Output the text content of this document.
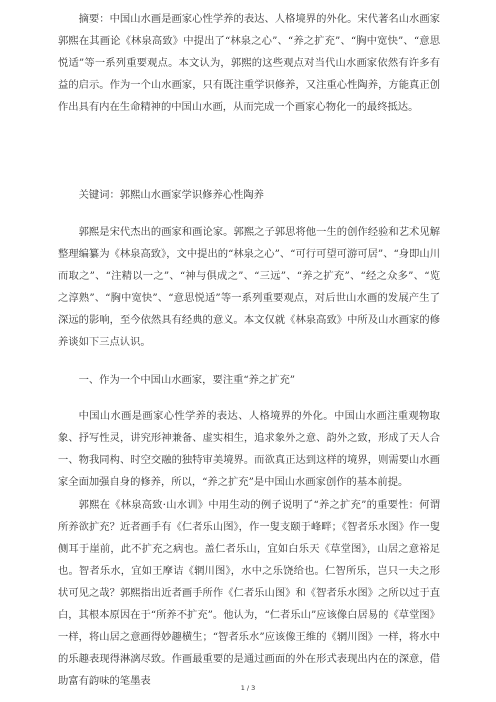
摘要：中国山水画是画家心性学养的表达、人格境界的外化。宋代著名山水画家郭熙在其画论《林泉高致》中提出了“林泉之心”、“养之扩充”、“胸中宽快”、“意思悦适”等一系列重要观点。本文认为，郭熙的这些观点对当代山水画家依然有许多有益的启示。作为一个山水画家，只有既注重学识修养，又注重心性陶养，方能真正创作出具有内在生命精神的中国山水画，从而完成一个画家心物化一的最终抵达。

关键词：郭熙山水画家学识修养心性陶养

郭熙是宋代杰出的画家和画论家。郭熙之子郭思将他一生的创作经验和艺术见解整理编纂为《林泉高致》，文中提出的“林泉之心”、“可行可望可游可居”、“身即山川而取之”、“注精以一之”、“神与俱成之”、“三远”、“养之扩充”、“经之众多”、“览之淳熟”、“胸中宽快”、“意思悦适”等一系列重要观点，对后世山水画的发展产生了深远的影响，至今依然具有经典的意义。本文仅就《林泉高致》中所及山水画家的修养谈如下三点认识。

一、作为一个中国山水画家，要注重“养之扩充”

中国山水画是画家心性学养的表达、人格境界的外化。中国山水画注重观物取象、抒写性灵，讲究形神兼备、虚实相生，追求象外之意、韵外之致，形成了天人合一、物我同构、时空交融的独特审美境界。而欲真正达到这样的境界，则需要山水画家全面加强自身的修养，所以，“养之扩充”是中国山水画家创作的基本前提。

郭熙在《林泉高致·山水训》中用生动的例子说明了“养之扩充”的重要性：何谓所养欲扩充？近者画手有《仁者乐山图》，作一叟支颐于峰畔；《智者乐水图》作一叟侧耳于崖前，此不扩充之病也。盖仁者乐山，宜如白乐天《草堂图》，山居之意裕足也。智者乐水，宜如王摩诘《辋川图》，水中之乐饶给也。仁智所乐，岂只一夫之形状可见之哉？郭熙指出近者画手所作《仁者乐山图》和《智者乐水图》之所以过于直白，其根本原因在于“所养不扩充”。他认为，“仁者乐山”应该像白居易的《草堂图》一样，将山居之意画得妙趣横生；“智者乐水”应该像王维的《辋川图》一样，将水中的乐趣表现得淋漓尽致。作画最重要的是通过画面的外在形式表现出内在的深意，借助富有韵味的笔墨表

1 / 3
